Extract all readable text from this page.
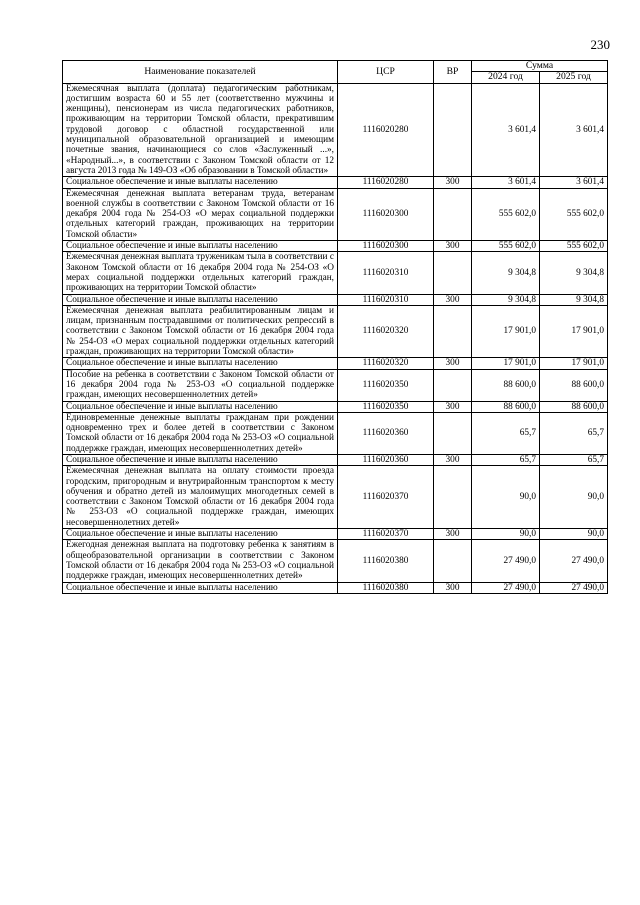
230
Наименование показателей	ЦСР	ВР	Сумма	
			2024 год	2025 год
Ежемесячная выплата (доплата) педагогическим работникам, достигшим возраста 60 и 55 лет (соответственно мужчины и женщины), пенсионерам из числа педагогических работников, проживающим на территории Томской области, прекратившим трудовой договор с областной государственной или муниципальной образовательной организацией и имеющим почетные звания, начинающиеся со слов «Заслуженный ...», «Народный...», в соответствии с Законом Томской области от 12 августа 2013 года № 149-ОЗ «Об образовании в Томской области»	1116020280		3 601,4	3 601,4
Социальное обеспечение и иные выплаты населению	1116020280	300	3 601,4	3 601,4
Ежемесячная денежная выплата ветеранам труда, ветеранам военной службы в соответствии с Законом Томской области от 16 декабря 2004 года № 254-ОЗ «О мерах социальной поддержки отдельных категорий граждан, проживающих на территории Томской области»	1116020300		555 602,0	555 602,0
Социальное обеспечение и иные выплаты населению	1116020300	300	555 602,0	555 602,0
Ежемесячная денежная выплата труженикам тыла в соответствии с Законом Томской области от 16 декабря 2004 года № 254-ОЗ «О мерах социальной поддержки отдельных категорий граждан, проживающих на территории Томской области»	1116020310		9 304,8	9 304,8
Социальное обеспечение и иные выплаты населению	1116020310	300	9 304,8	9 304,8
Ежемесячная денежная выплата реабилитированным лицам и лицам, признанным пострадавшими от политических репрессий в соответствии с Законом Томской области от 16 декабря 2004 года № 254-ОЗ «О мерах социальной поддержки отдельных категорий граждан, проживающих на территории Томской области»	1116020320		17 901,0	17 901,0
Социальное обеспечение и иные выплаты населению	1116020320	300	17 901,0	17 901,0
Пособие на ребенка в соответствии с Законом Томской области от 16 декабря 2004 года № 253-ОЗ «О социальной поддержке граждан, имеющих несовершеннолетних детей»	1116020350		88 600,0	88 600,0
Социальное обеспечение и иные выплаты населению	1116020350	300	88 600,0	88 600,0
Единовременные денежные выплаты гражданам при рождении одновременно трех и более детей в соответствии с Законом Томской области от 16 декабря 2004 года № 253-ОЗ «О социальной поддержке граждан, имеющих несовершеннолетних детей»	1116020360		65,7	65,7
Социальное обеспечение и иные выплаты населению	1116020360	300	65,7	65,7
Ежемесячная денежная выплата на оплату стоимости проезда городским, пригородным и внутрирайонным транспортом к месту обучения и обратно детей из малоимущих многодетных семей в соответствии с Законом Томской области от 16 декабря 2004 года № 253-ОЗ «О социальной поддержке граждан, имеющих несовершеннолетних детей»	1116020370		90,0	90,0
Социальное обеспечение и иные выплаты населению	1116020370	300	90,0	90,0
Ежегодная денежная выплата на подготовку ребенка к занятиям в общеобразовательной организации в соответствии с Законом Томской области от 16 декабря 2004 года № 253-ОЗ «О социальной поддержке граждан, имеющих несовершеннолетних детей»	1116020380		27 490,0	27 490,0
Социальное обеспечение и иные выплаты населению	1116020380	300	27 490,0	27 490,0
